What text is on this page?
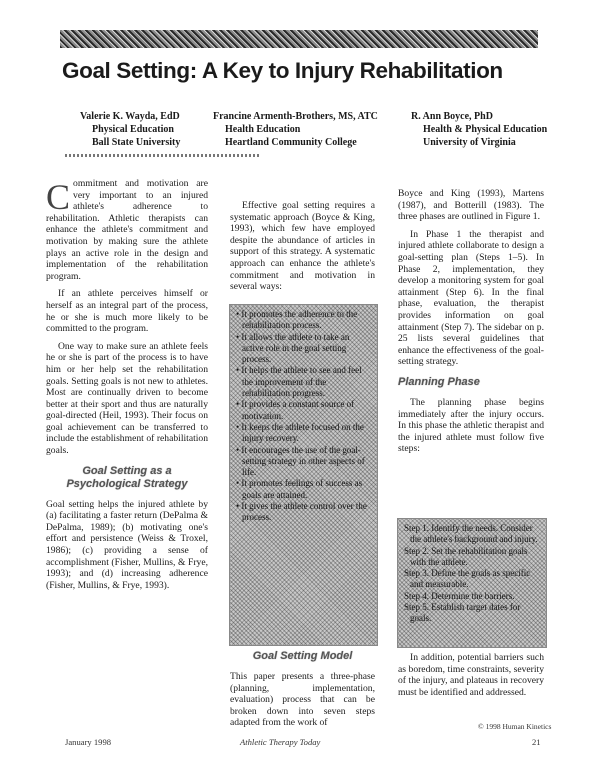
Goal Setting: A Key to Injury Rehabilitation
Valerie K. Wayda, EdD
Physical Education
Ball State University
Francine Armenth-Brothers, MS, ATC
Health Education
Heartland Community College
R. Ann Boyce, PhD
Health & Physical Education
University of Virginia

C ommitment and motivation are very important to an injured athlete's adherence to rehabilitation. Athletic therapists can enhance the athlete's commitment and motivation by making sure the athlete plays an active role in the design and implementation of the rehabilitation program.

If an athlete perceives himself or herself as an integral part of the process, he or she is much more likely to be committed to the program.

One way to make sure an athlete feels he or she is part of the process is to have him or her help set the rehabilitation goals. Setting goals is not new to athletes. Most are continually driven to become better at their sport and thus are naturally goal-directed (Heil, 1993). Their focus on goal achievement can be transferred to include the establishment of rehabilitation goals.

Goal Setting as a Psychological Strategy

Goal setting helps the injured athlete by (a) facilitating a faster return (DePalma & DePalma, 1989); (b) motivating one's effort and persistence (Weiss & Troxel, 1986); (c) providing a sense of accomplishment (Fisher, Mullins, & Frye, 1993); and (d) increasing adherence (Fisher, Mullins, & Frye, 1993).

Effective goal setting requires a systematic approach (Boyce & King, 1993), which few have employed despite the abundance of articles in support of this strategy. A systematic approach can enhance the athlete's commitment and motivation in several ways:

• It promotes the adherence to the rehabilitation process.
• It allows the athlete to take an active role in the goal setting process.
• It helps the athlete to see and feel the improvement of the rehabilitation progress.
• It provides a constant source of motivation.
• It keeps the athlete focused on the injury recovery.
• It encourages the use of the goal-setting strategy in other aspects of life.
• It promotes feelings of success as goals are attained.
• It gives the athlete control over the process.
Goal Setting Model

This paper presents a three-phase (planning, implementation, evaluation) process that can be broken down into seven steps adapted from the work of

Boyce and King (1993), Martens (1987), and Botterill (1983). The three phases are outlined in Figure 1.

In Phase 1 the therapist and injured athlete collaborate to design a goal-setting plan (Steps 1–5). In Phase 2, implementation, they develop a monitoring system for goal attainment (Step 6). In the final phase, evaluation, the therapist provides information on goal attainment (Step 7). The sidebar on p. 25 lists several guidelines that enhance the effectiveness of the goal-setting strategy.

Planning Phase

The planning phase begins immediately after the injury occurs. In this phase the athletic therapist and the injured athlete must follow five steps:

Step 1. Identify the needs. Consider the athlete's background and injury.
Step 2. Set the rehabilitation goals with the athlete.
Step 3. Define the goals as specific and measurable.
Step 4. Determine the barriers.
Step 5. Establish target dates for goals.

In addition, potential barriers such as boredom, time constraints, severity of the injury, and plateaus in recovery must be identified and addressed.

© 1998 Human Kinetics
January 1998	Athletic Therapy Today	21
